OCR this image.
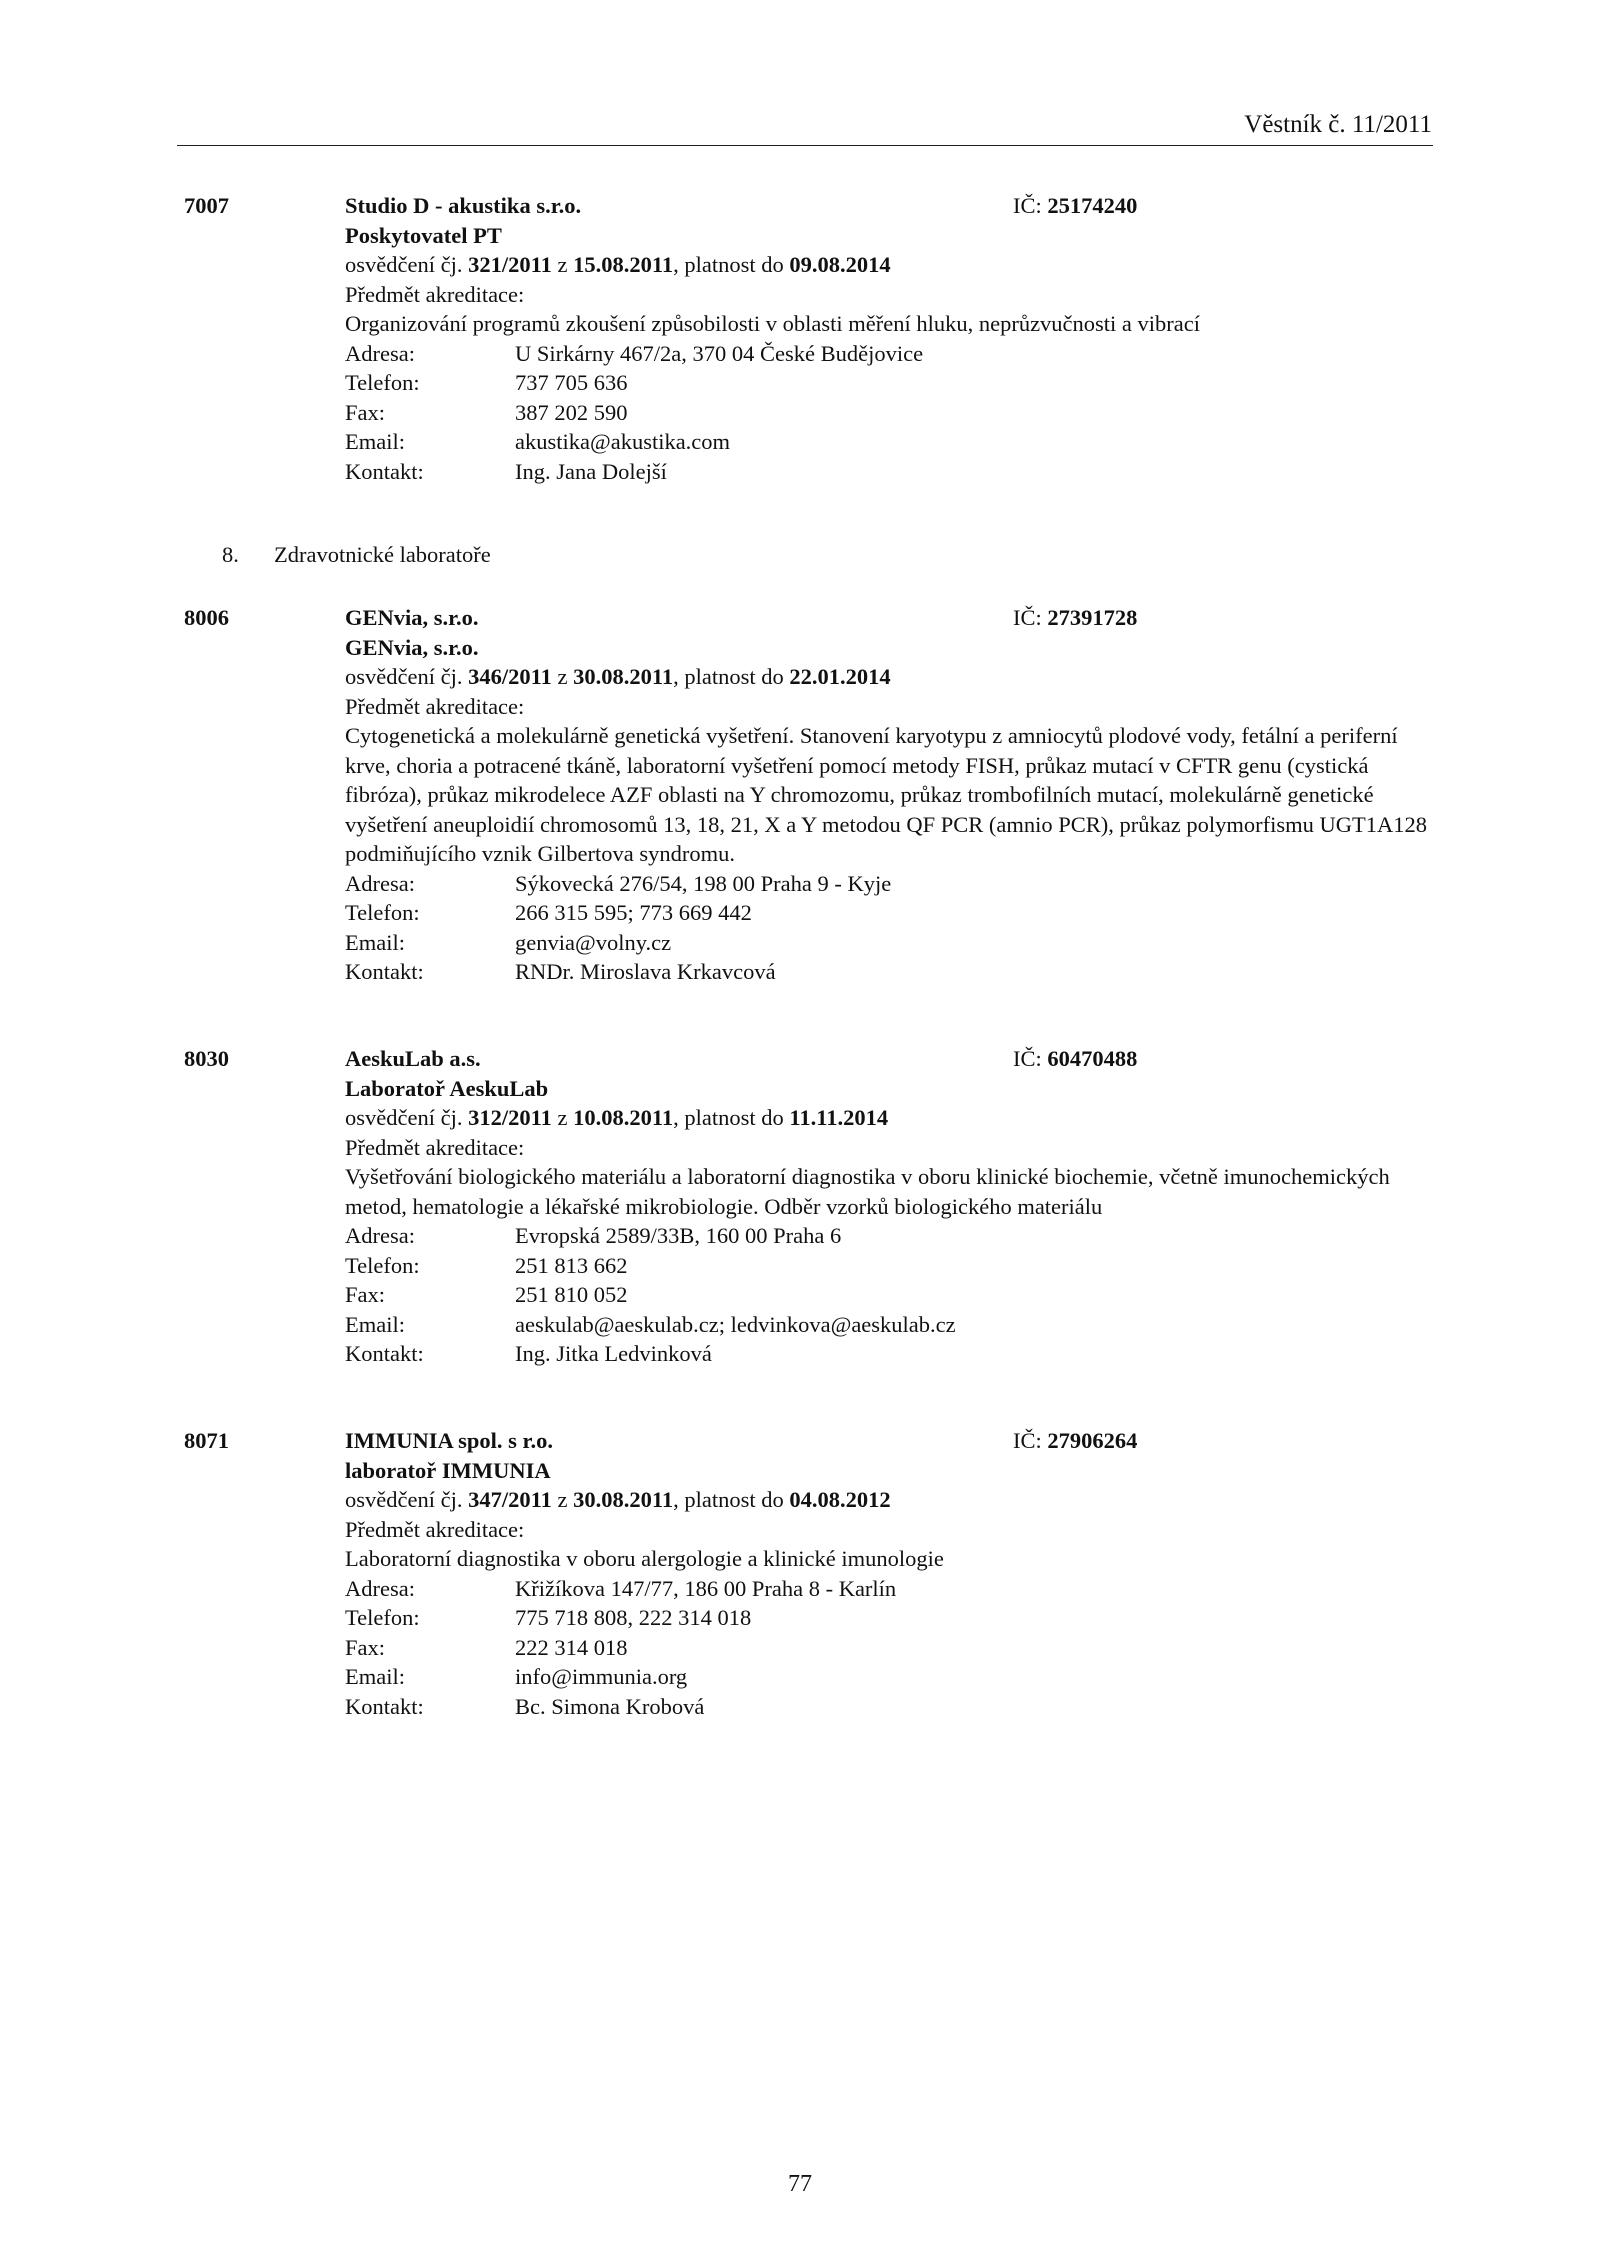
Věstník č. 11/2011
7007	Studio D - akustika s.r.o.	IČ: 25174240
Poskytovatel PT
osvědčení čj. 321/2011 z 15.08.2011, platnost do 09.08.2014
Předmět akreditace:
Organizování programů zkoušení způsobilosti v oblasti měření hluku, neprůzvučnosti a vibrací
Adresa:	U Sirkárny 467/2a, 370 04 České Budějovice
Telefon:	737 705 636
Fax:	387 202 590
Email:	akustika@akustika.com
Kontakt:	Ing. Jana Dolejší
8. Zdravotnické laboratoře
8006	GENvia, s.r.o.	IČ: 27391728
GENvia, s.r.o.
osvědčení čj. 346/2011 z 30.08.2011, platnost do 22.01.2014
Předmět akreditace:
Cytogenetická a molekulárně genetická vyšetření. Stanovení karyotypu z amniocytů plodové vody, fetální a periferní krve, choria a potracené tkáně, laboratorní vyšetření pomocí metody FISH, průkaz mutací v CFTR genu (cystická fibróza), průkaz mikrodelece AZF oblasti na Y chromozomu, průkaz trombofilních mutací, molekulárně genetické vyšetření aneuploidií chromosomů 13, 18, 21, X a Y metodou QF PCR (amnio PCR), průkaz polymorfismu UGT1A128 podmiňujícího vznik Gilbertova syndromu.
Adresa:	Sýkovecká 276/54, 198 00 Praha 9 - Kyje
Telefon:	266 315 595; 773 669 442
Email:	genvia@volny.cz
Kontakt:	RNDr. Miroslava Krkavcová
8030	AeskuLab a.s.	IČ: 60470488
Laboratoř AeskuLab
osvědčení čj. 312/2011 z 10.08.2011, platnost do 11.11.2014
Předmět akreditace:
Vyšetřování biologického materiálu a laboratorní diagnostika v oboru klinické biochemie, včetně imunochemických metod, hematologie a lékařské mikrobiologie. Odběr vzorků biologického materiálu
Adresa:	Evropská 2589/33B, 160 00 Praha 6
Telefon:	251 813 662
Fax:	251 810 052
Email:	aeskulab@aeskulab.cz; ledvinkova@aeskulab.cz
Kontakt:	Ing. Jitka Ledvinková
8071	IMMUNIA spol. s r.o.	IČ: 27906264
laboratoř IMMUNIA
osvědčení čj. 347/2011 z 30.08.2011, platnost do 04.08.2012
Předmět akreditace:
Laboratorní diagnostika v oboru alergologie a klinické imunologie
Adresa:	Křižíkova 147/77, 186 00 Praha 8 - Karlín
Telefon:	775 718 808, 222 314 018
Fax:	222 314 018
Email:	info@immunia.org
Kontakt:	Bc. Simona Krobová
77
